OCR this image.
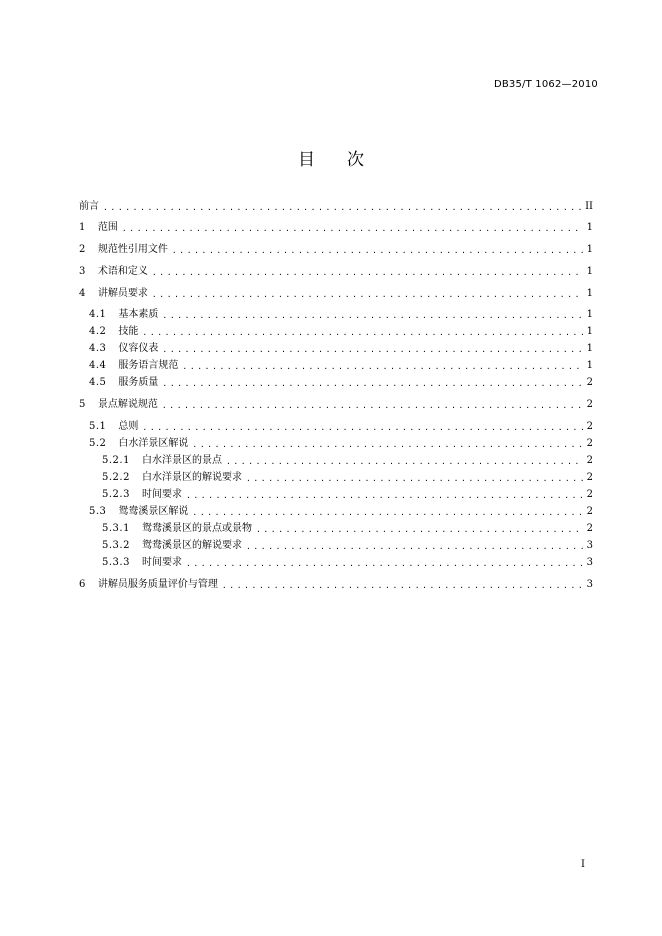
DB35/T 1062—2010
目次
前言 .....	II
1 范围 .....	1
2 规范性引用文件 .....	1
3 术语和定义 .....	1
4 讲解员要求 .....	1
4.1 基本素质 .....	1
4.2 技能 .....	1
4.3 仪容仪表 .....	1
4.4 服务语言规范 .....	1
4.5 服务质量 .....	2
5 景点解说规范 .....	2
5.1 总则 .....	2
5.2 白水洋景区解说 .....	2
5.2.1 白水洋景区的景点 .....	2
5.2.2 白水洋景区的解说要求 .....	2
5.2.3 时间要求 .....	2
5.3 鸳鸯溪景区解说 .....	2
5.3.1 鸳鸯溪景区的景点或景物 .....	2
5.3.2 鸳鸯溪景区的解说要求 .....	3
5.3.3 时间要求 .....	3
6 讲解员服务质量评价与管理 .....	3
I
